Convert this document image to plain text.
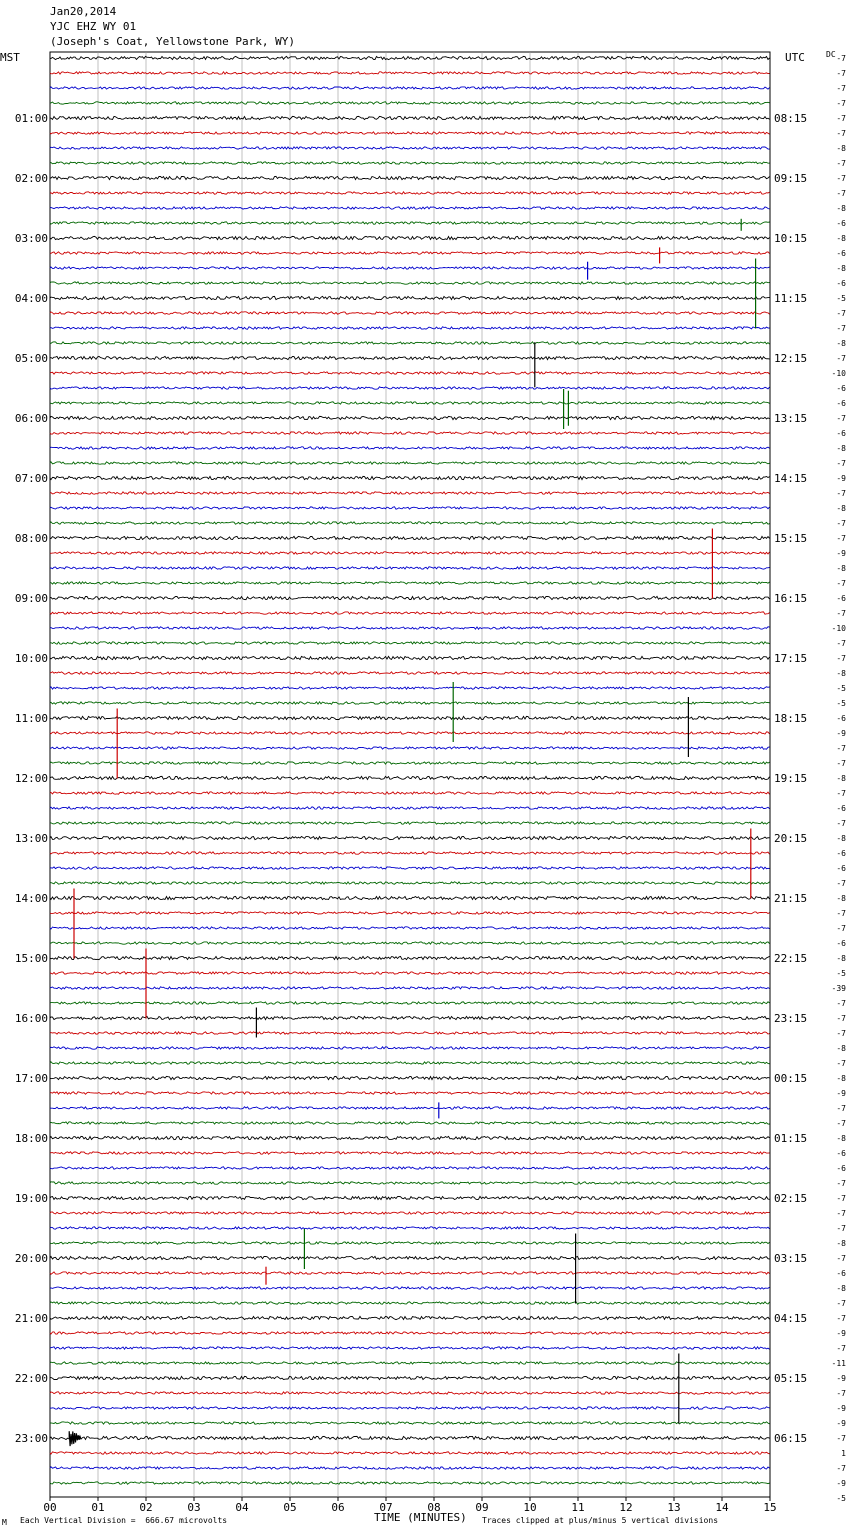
Jan20,2014
YJC EHZ WY 01
(Joseph's Coat, Yellowstone Park, WY)
MST	UTC	DC
01:00
02:00
03:00
04:00
05:00
06:00
07:00
08:00
09:00
10:00
11:00
12:00
13:00
14:00
15:00
16:00
17:00
18:00
19:00
20:00
21:00
22:00
23:00
08:15
09:15
10:15
11:15
12:15
13:15
14:15
15:15
16:15
17:15
18:15
19:15
20:15
21:15
22:15
23:15
00:15
01:15
02:15
03:15
04:15
05:15
06:15
-7
-7
-7
-7
-7
-7
-8
-7
-7
-7
-8
-6
-8
-6
-8
-6
-5
-7
-7
-8
-7
-10
-6
-6
-7
-6
-8
-7
-9
-7
-8
-7
-7
-9
-8
-7
-6
-7
-10
-7
-7
-8
-5
-5
-6
-9
-7
-7
-8
-7
-6
-7
-8
-6
-6
-7
-8
-7
-7
-6
-8
-5
-39
-7
-7
-7
-8
-7
-8
-9
-7
-7
-8
-6
-6
-7
-7
-7
-7
-8
-7
-6
-8
-7
-7
-9
-7
-11
-9
-7
-9
-9
-7
1
-7
-9
-5
00	01	02	03	04	05	06	07	08	09	10	11	12	13	14	15
TIME (MINUTES)
Each Vertical Division =  666.67 microvolts	Traces clipped at plus/minus 5 vertical divisions
M
